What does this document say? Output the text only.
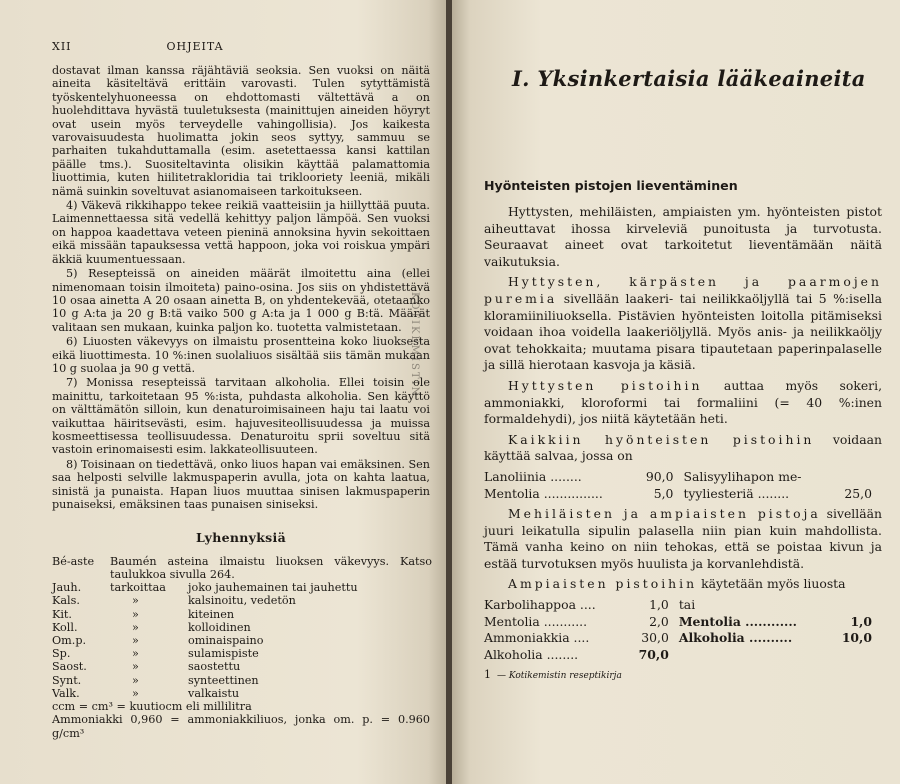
XII	OHJEITA

dostavat ilman kanssa räjähtäviä seoksia. Sen vuoksi on näitä aineita käsiteltävä erittäin varovasti. Tulen sytyttämistä työskentelyhuoneessa on ehdottomasti vältettävä a on huolehdittava hyvästä tuuletuksesta (mainittujen aineiden höyryt ovat usein myös terveydelle vahingollisia). Jos kaikesta varovaisuudesta huolimatta jokin seos syttyy, sammuu se parhaiten tukahduttamalla (esim. asetettaessa kansi kattilan päälle tms.). Suositeltavinta olisikin käyttää palamattomia liuottimia, kuten hiilitetrakloridia tai triklooriety leeniä, mikäli nämä suinkin soveltuvat asianomaiseen tarkoitukseen.

4) Väkevä rikkihappo tekee reikiä vaatteisiin ja hiillyttää puuta. Laimennettaessa sitä vedellä kehittyy paljon lämpöä. Sen vuoksi on happoa kaadettava veteen pieninä annoksina hyvin sekoittaen eikä missään tapauksessa vettä happoon, joka voi roiskua ympäri äkkiä kuumentuessaan.

5) Resepteissä on aineiden määrät ilmoitettu aina (ellei nimenomaan toisin ilmoiteta) paino-osina. Jos siis on yhdistettävä 10 osaa ainetta A 20 osaan ainetta B, on yhdentekevää, otetaanko 10 g A:ta ja 20 g B:tä vaiko 500 g A:ta ja 1 000 g B:tä. Määrät valitaan sen mukaan, kuinka paljon ko. tuotetta valmistetaan.

6) Liuosten väkevyys on ilmaistu prosentteina koko liuoksesta eikä liuottimesta. 10 %:inen suolaliuos sisältää siis tämän mukaan 10 g suolaa ja 90 g vettä.

7) Monissa resepteissä tarvitaan alkoholia. Ellei toisin ole mainittu, tarkoitetaan 95 %:ista, puhdasta alkoholia. Sen käyttö on välttämätön silloin, kun denaturoimisaineen haju tai laatu voi vaikuttaa häiritsevästi, esim. hajuvesiteollisuudessa ja muissa kosmeettisessa teollisuudessa. Denaturoitu sprii soveltuu sitä vastoin erinomaisesti esim. lakkateollisuuteen.

8) Toisinaan on tiedettävä, onko liuos hapan vai emäksinen. Sen saa helposti selville lakmuspaperin avulla, jota on kahta laatua, sinistä ja punaista. Hapan liuos muuttaa sinisen lakmuspaperin punaiseksi, emäksinen taas punaisen siniseksi.

Lyhennyksiä
Bé-aste	Baumén asteina ilmaistu liuoksen väkevyys. Katso taulukkoa sivulla 264.	
Jauh.	tarkoittaa	joko jauhemainen tai jauhettu
Kals.	»	kalsinoitu, vedetön
Kit.	»	kiteinen
Koll.	»	kolloidinen
Om.p.	»	ominaispaino
Sp.	»	sulamispiste
Saost.	»	saostettu
Synt.	»	synteettinen
Valk.	»	valkaistu
ccm = cm³ = kuutiocm eli millilitra
Ammoniakki 0,960 = ammoniakkiliuos, jonka om. p. = 0.960 g/cm³
I. Yksinkertaisia lääkeaineita
Hyönteisten pistojen lieventäminen

Hyttysten, mehiläisten, ampiaisten ym. hyönteisten pistot aiheuttavat ihossa kirveleviä punoitusta ja turvotusta. Seuraavat aineet ovat tarkoitetut lieventämään näitä vaikutuksia.

Hyttysten, kärpästen ja paarmojen puremia sivellään laakeri- tai neilikkaöljyllä tai 5 %:isella kloramiiniliuoksella. Pistävien hyönteisten loitolla pitämiseksi voidaan ihoa voidella laakeriöljyllä. Myös anis- ja neilikkaöljy ovat tehokkaita; muutama pisara tipautetaan paperinpalaselle ja sillä hierotaan kasvoja ja käsiä.

Hyttysten pistoihin auttaa myös sokeri, ammoniakki, kloroformi tai formaliini (= 40 %:inen formaldehydi), jos niitä käytetään heti.

Kaikkiin hyönteisten pistoihin voidaan käyttää salvaa, jossa on

Lanoliinia ........	90,0	Salisyylihapon me-	
Mentolia ...............	5,0	tyyliesteriä ........	25,0

Mehiläisten ja ampiaisten pistoja sivellään juuri leikatulla sipulin palasella niin pian kuin mahdollista. Tämä vanha keino on niin tehokas, että se poistaa kivun ja estää turvotuksen myös huulista ja korvanlehdistä.

Ampiaisten pistoihin käytetään myös liuosta

Karbolihappoa ....	1,0	tai	
Mentolia ...........	2,0	Mentolia ............	1,0
Ammoniakkia ....	30,0	Alkoholia ..........	10,0
Alkoholia ........	70,0		
1 — Kotikemistin reseptikirja
KOTIKEMISTIN
